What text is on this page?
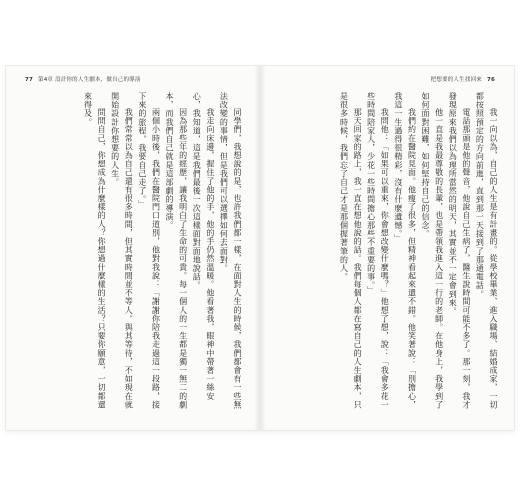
77 第4章 設計你的人生劇本，做自己的導演

同學們，我想說的是，也許我們都一樣，在面對人生的時候，我們都會有一些無法改變的事情，但是我們可以選擇如何去面對。

我走向床邊，握住了他的手，他的手仍然溫暖。他看著我，眼神中帶著一絲安心，我知道，這是我們最後一次這樣面對面地說話。

因為那些年的經歷，讓我明白了生命的可貴。每一個人的一生都是獨一無二的劇本，而我們自己就是這部劇的導演。

兩個小時後，我們在醫院門口道別，他對我說：「謝謝你陪我走過這一段路，接下來的旅程，我要自己走了。」

我們常常以為自己還有很多時間，但其實時間並不等人。與其等待，不如現在就開始設計你想要的人生。

問問自己，你想成為什麼樣的人？你想過什麼樣的生活？只要你願意，一切都還來得及。

把想要的人生找回來 76

我一向以為，自己的人生是有計畫的。從學校畢業、進入職場、結婚成家，一切都按照預定的方向前進，直到那一天接到了那通電話。

電話那頭是他的聲音，他說自己生病了，醫生說時間可能不多了。那一刻，我才發現原來我們以為理所當然的明天，其實並不一定會到來。

他一直是我最尊敬的長輩，也是帶領我進入這一行的老師。在他身上，我學到了如何面對困難，如何堅持自己的信念。

我們約在醫院見面。他瘦了很多，但精神看起來還不錯。他笑著說：「別擔心，我這一生過得很精彩，沒有什麼遺憾。」

我問他：「如果可以重來，你會想改變什麼嗎？」他想了想，說：「我會多花一些時間陪家人，少花一些時間擔心那些不重要的事。」

那天回家的路上，我一直在想他說的話。我們每個人都在寫自己的人生劇本，只是很多時候，我們忘了自己才是那個握著筆的人。
